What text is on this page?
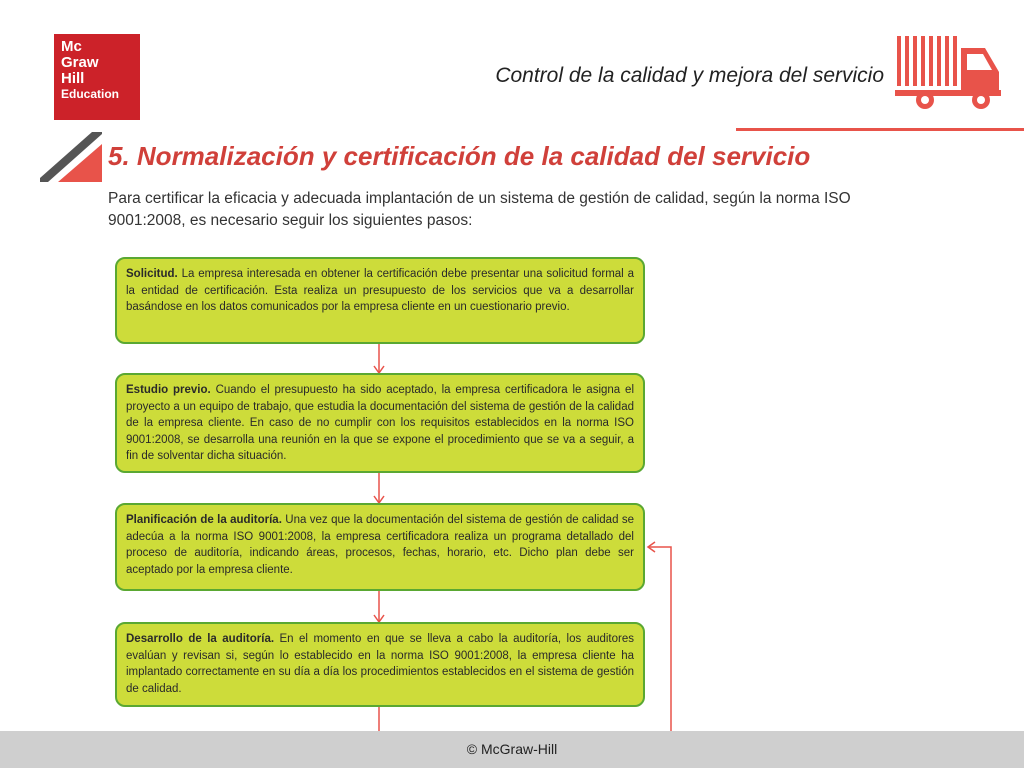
Mc
Graw
Hill
Education
Control de la calidad y mejora del servicio
5. Normalización y certificación de la calidad del servicio
Para certificar la eficacia y adecuada implantación de un sistema de gestión de calidad, según la norma ISO 9001:2008, es necesario seguir los siguientes pasos:
Solicitud. La empresa interesada en obtener la certificación debe presentar una solicitud formal a la entidad de certificación. Esta realiza un presupuesto de los servicios que va a desarrollar basándose en los datos comunicados por la empresa cliente en un cuestionario previo.
Estudio previo. Cuando el presupuesto ha sido aceptado, la empresa certificadora le asigna el proyecto a un equipo de trabajo, que estudia la documentación del sistema de gestión de la calidad de la empresa cliente. En caso de no cumplir con los requisitos establecidos en la norma ISO 9001:2008, se desarrolla una reunión en la que se expone el procedimiento que se va a seguir, a fin de solventar dicha situación.
Planificación de la auditoría. Una vez que la documentación del sistema de gestión de calidad se adecúa a la norma ISO 9001:2008, la empresa certificadora realiza un programa detallado del proceso de auditoría, indicando áreas, procesos, fechas, horario, etc. Dicho plan debe ser aceptado por la empresa cliente.
Desarrollo de la auditoría. En el momento en que se lleva a cabo la auditoría, los auditores evalúan y revisan si, según lo establecido en la norma ISO 9001:2008, la empresa cliente ha implantado correctamente en su día a día los procedimientos establecidos en el sistema de gestión de calidad.
© McGraw-Hill
